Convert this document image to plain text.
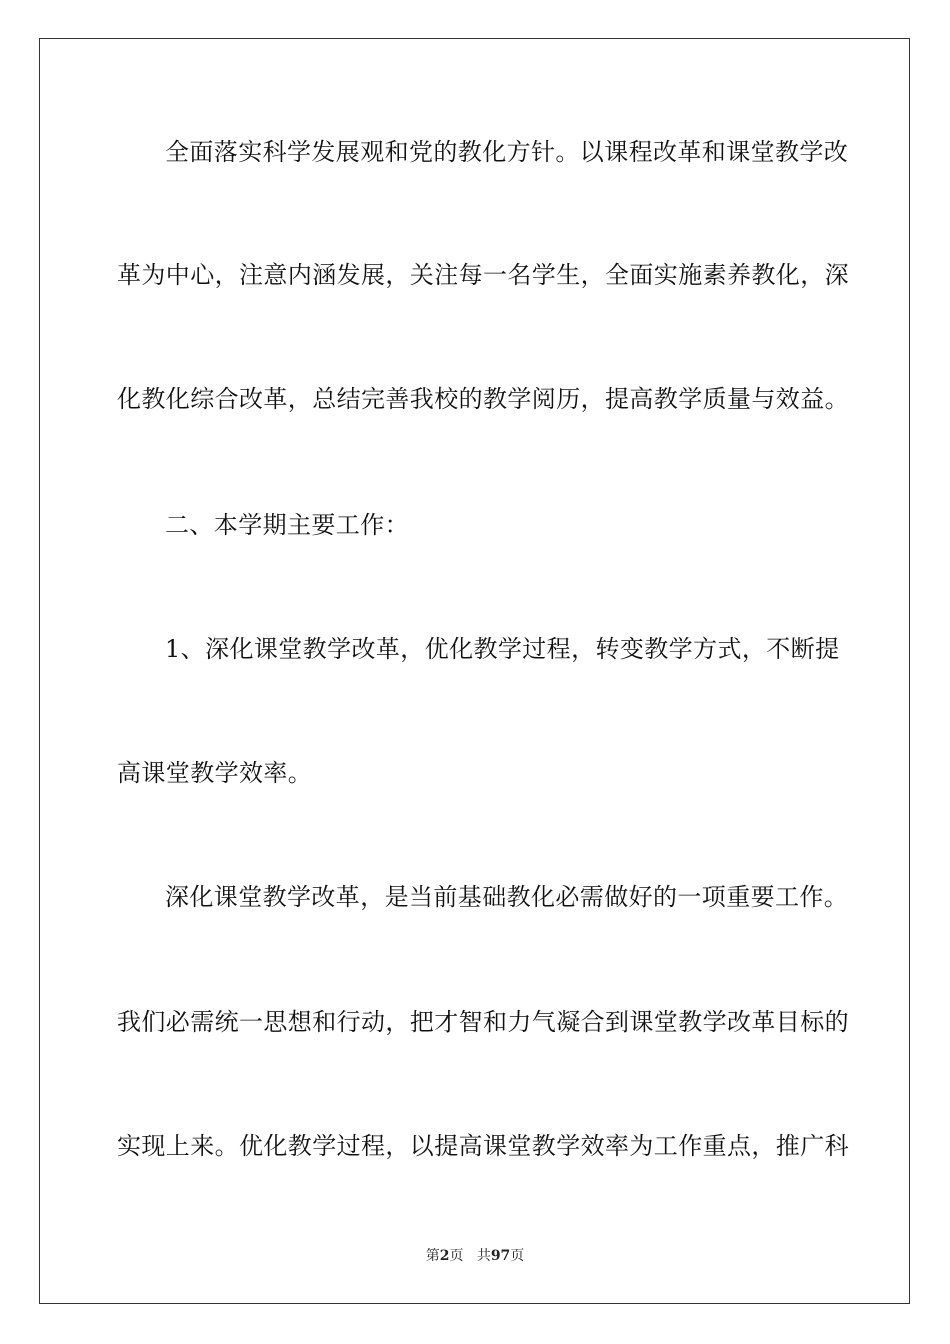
全面落实科学发展观和党的教化方针。以课程改革和课堂教学改
革为中心，注意内涵发展，关注每一名学生，全面实施素养教化，深
化教化综合改革，总结完善我校的教学阅历，提高教学质量与效益。
二、本学期主要工作：
1、深化课堂教学改革，优化教学过程，转变教学方式，不断提
高课堂教学效率。
深化课堂教学改革，是当前基础教化必需做好的一项重要工作。
我们必需统一思想和行动，把才智和力气凝合到课堂教学改革目标的
实现上来。优化教学过程，以提高课堂教学效率为工作重点，推广科
第2页 共97页
